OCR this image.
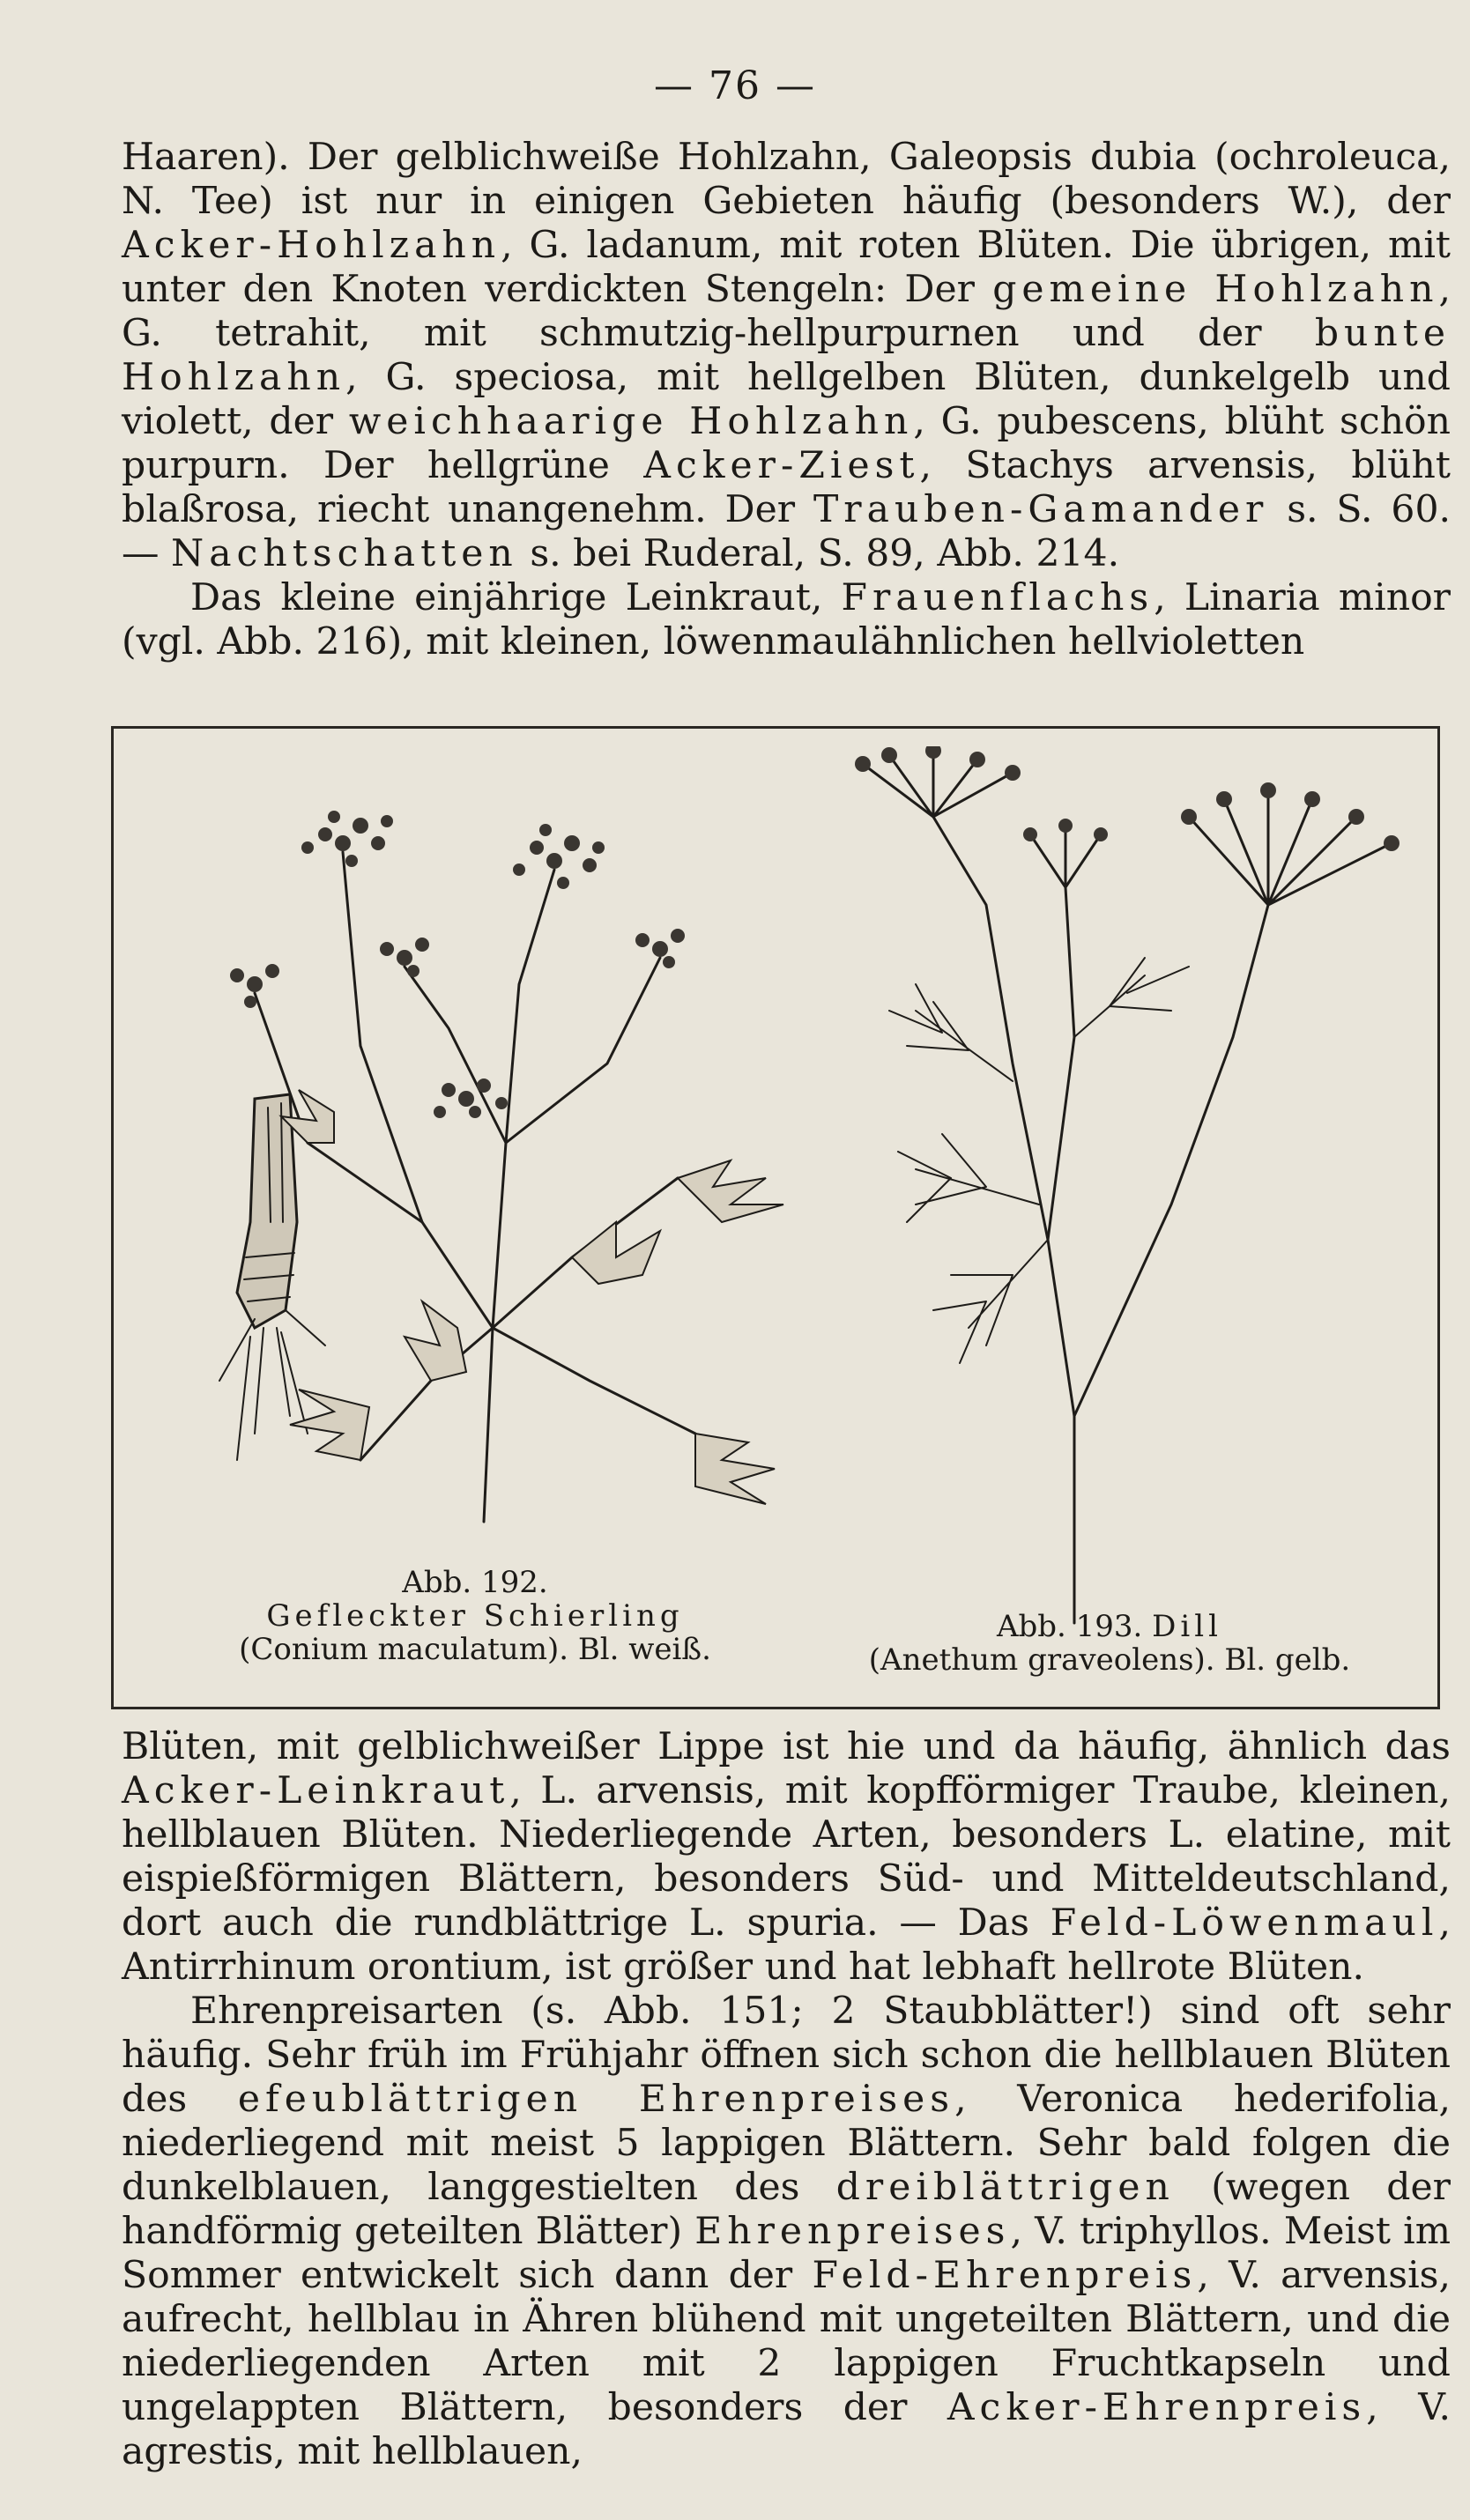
— 76 —

Haaren). Der gelblichweiße Hohlzahn, Galeopsis dubia (ochroleuca, N. Tee) ist nur in einigen Gebieten häufig (besonders W.), der Acker-Hohlzahn, G. ladanum, mit roten Blüten. Die übrigen, mit unter den Knoten verdickten Stengeln: Der gemeine Hohlzahn, G. tetrahit, mit schmutzig-hellpurpurnen und der bunte Hohlzahn, G. speciosa, mit hellgelben Blüten, dunkelgelb und violett, der weichhaarige Hohlzahn, G. pubescens, blüht schön purpurn. Der hellgrüne Acker-Ziest, Stachys arvensis, blüht blaßrosa, riecht unangenehm. Der Trauben-Gamander s. S. 60. — Nachtschatten s. bei Ruderal, S. 89, Abb. 214.

Das kleine einjährige Leinkraut, Frauenflachs, Linaria minor (vgl. Abb. 216), mit kleinen, löwenmaulähnlichen hellvioletten

Abb. 192.
Gefleckter Schierling
(Conium maculatum). Bl. weiß.
Abb. 193. Dill
(Anethum graveolens). Bl. gelb.

Blüten, mit gelblichweißer Lippe ist hie und da häufig, ähnlich das Acker-Leinkraut, L. arvensis, mit kopfförmiger Traube, kleinen, hellblauen Blüten. Niederliegende Arten, besonders L. elatine, mit eispießförmigen Blättern, besonders Süd- und Mitteldeutschland, dort auch die rundblättrige L. spuria. — Das Feld-Löwenmaul, Antirrhinum orontium, ist größer und hat lebhaft hellrote Blüten.

Ehrenpreisarten (s. Abb. 151; 2 Staubblätter!) sind oft sehr häufig. Sehr früh im Frühjahr öffnen sich schon die hellblauen Blüten des efeublättrigen Ehrenpreises, Veronica hederifolia, niederliegend mit meist 5 lappigen Blättern. Sehr bald folgen die dunkelblauen, langgestielten des dreiblättrigen (wegen der handförmig geteilten Blätter) Ehrenpreises, V. triphyllos. Meist im Sommer entwickelt sich dann der Feld-Ehrenpreis, V. arvensis, aufrecht, hellblau in Ähren blühend mit ungeteilten Blättern, und die niederliegenden Arten mit 2 lappigen Fruchtkapseln und ungelappten Blättern, besonders der Acker-Ehrenpreis, V. agrestis, mit hellblauen,
